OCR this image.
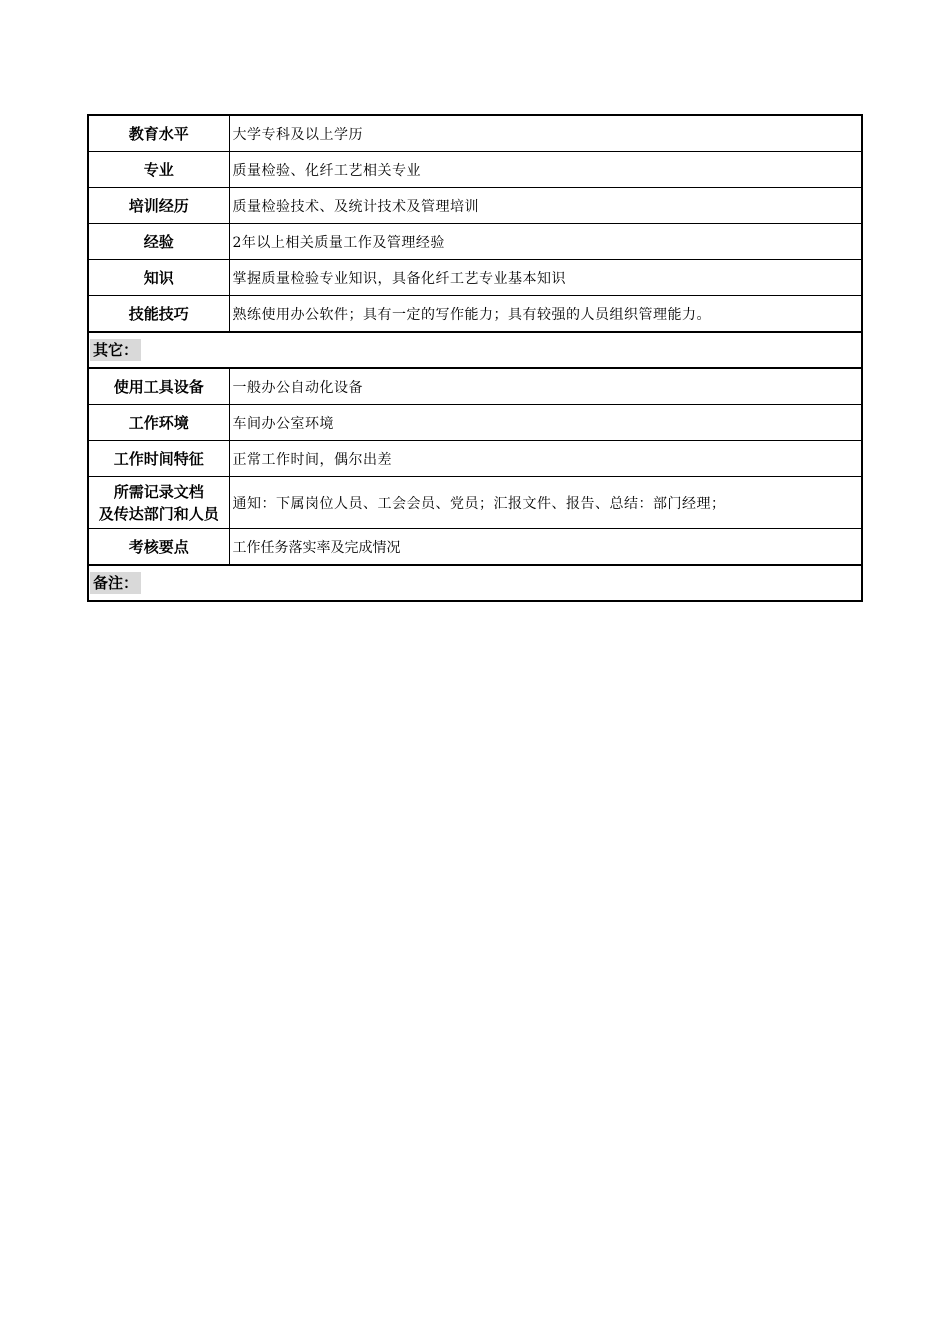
教育水平	大学专科及以上学历
专业	质量检验、化纤工艺相关专业
培训经历	质量检验技术、及统计技术及管理培训
经验	2年以上相关质量工作及管理经验
知识	掌握质量检验专业知识，具备化纤工艺专业基本知识
技能技巧	熟练使用办公软件；具有一定的写作能力；具有较强的人员组织管理能力。
其它：	
使用工具设备	一般办公自动化设备
工作环境	车间办公室环境
工作时间特征	正常工作时间，偶尔出差

所需记录文档
及传达部门和人员	通知：下属岗位人员、工会会员、党员；汇报文件、报告、总结：部门经理；
考核要点	工作任务落实率及完成情况
备注：	
